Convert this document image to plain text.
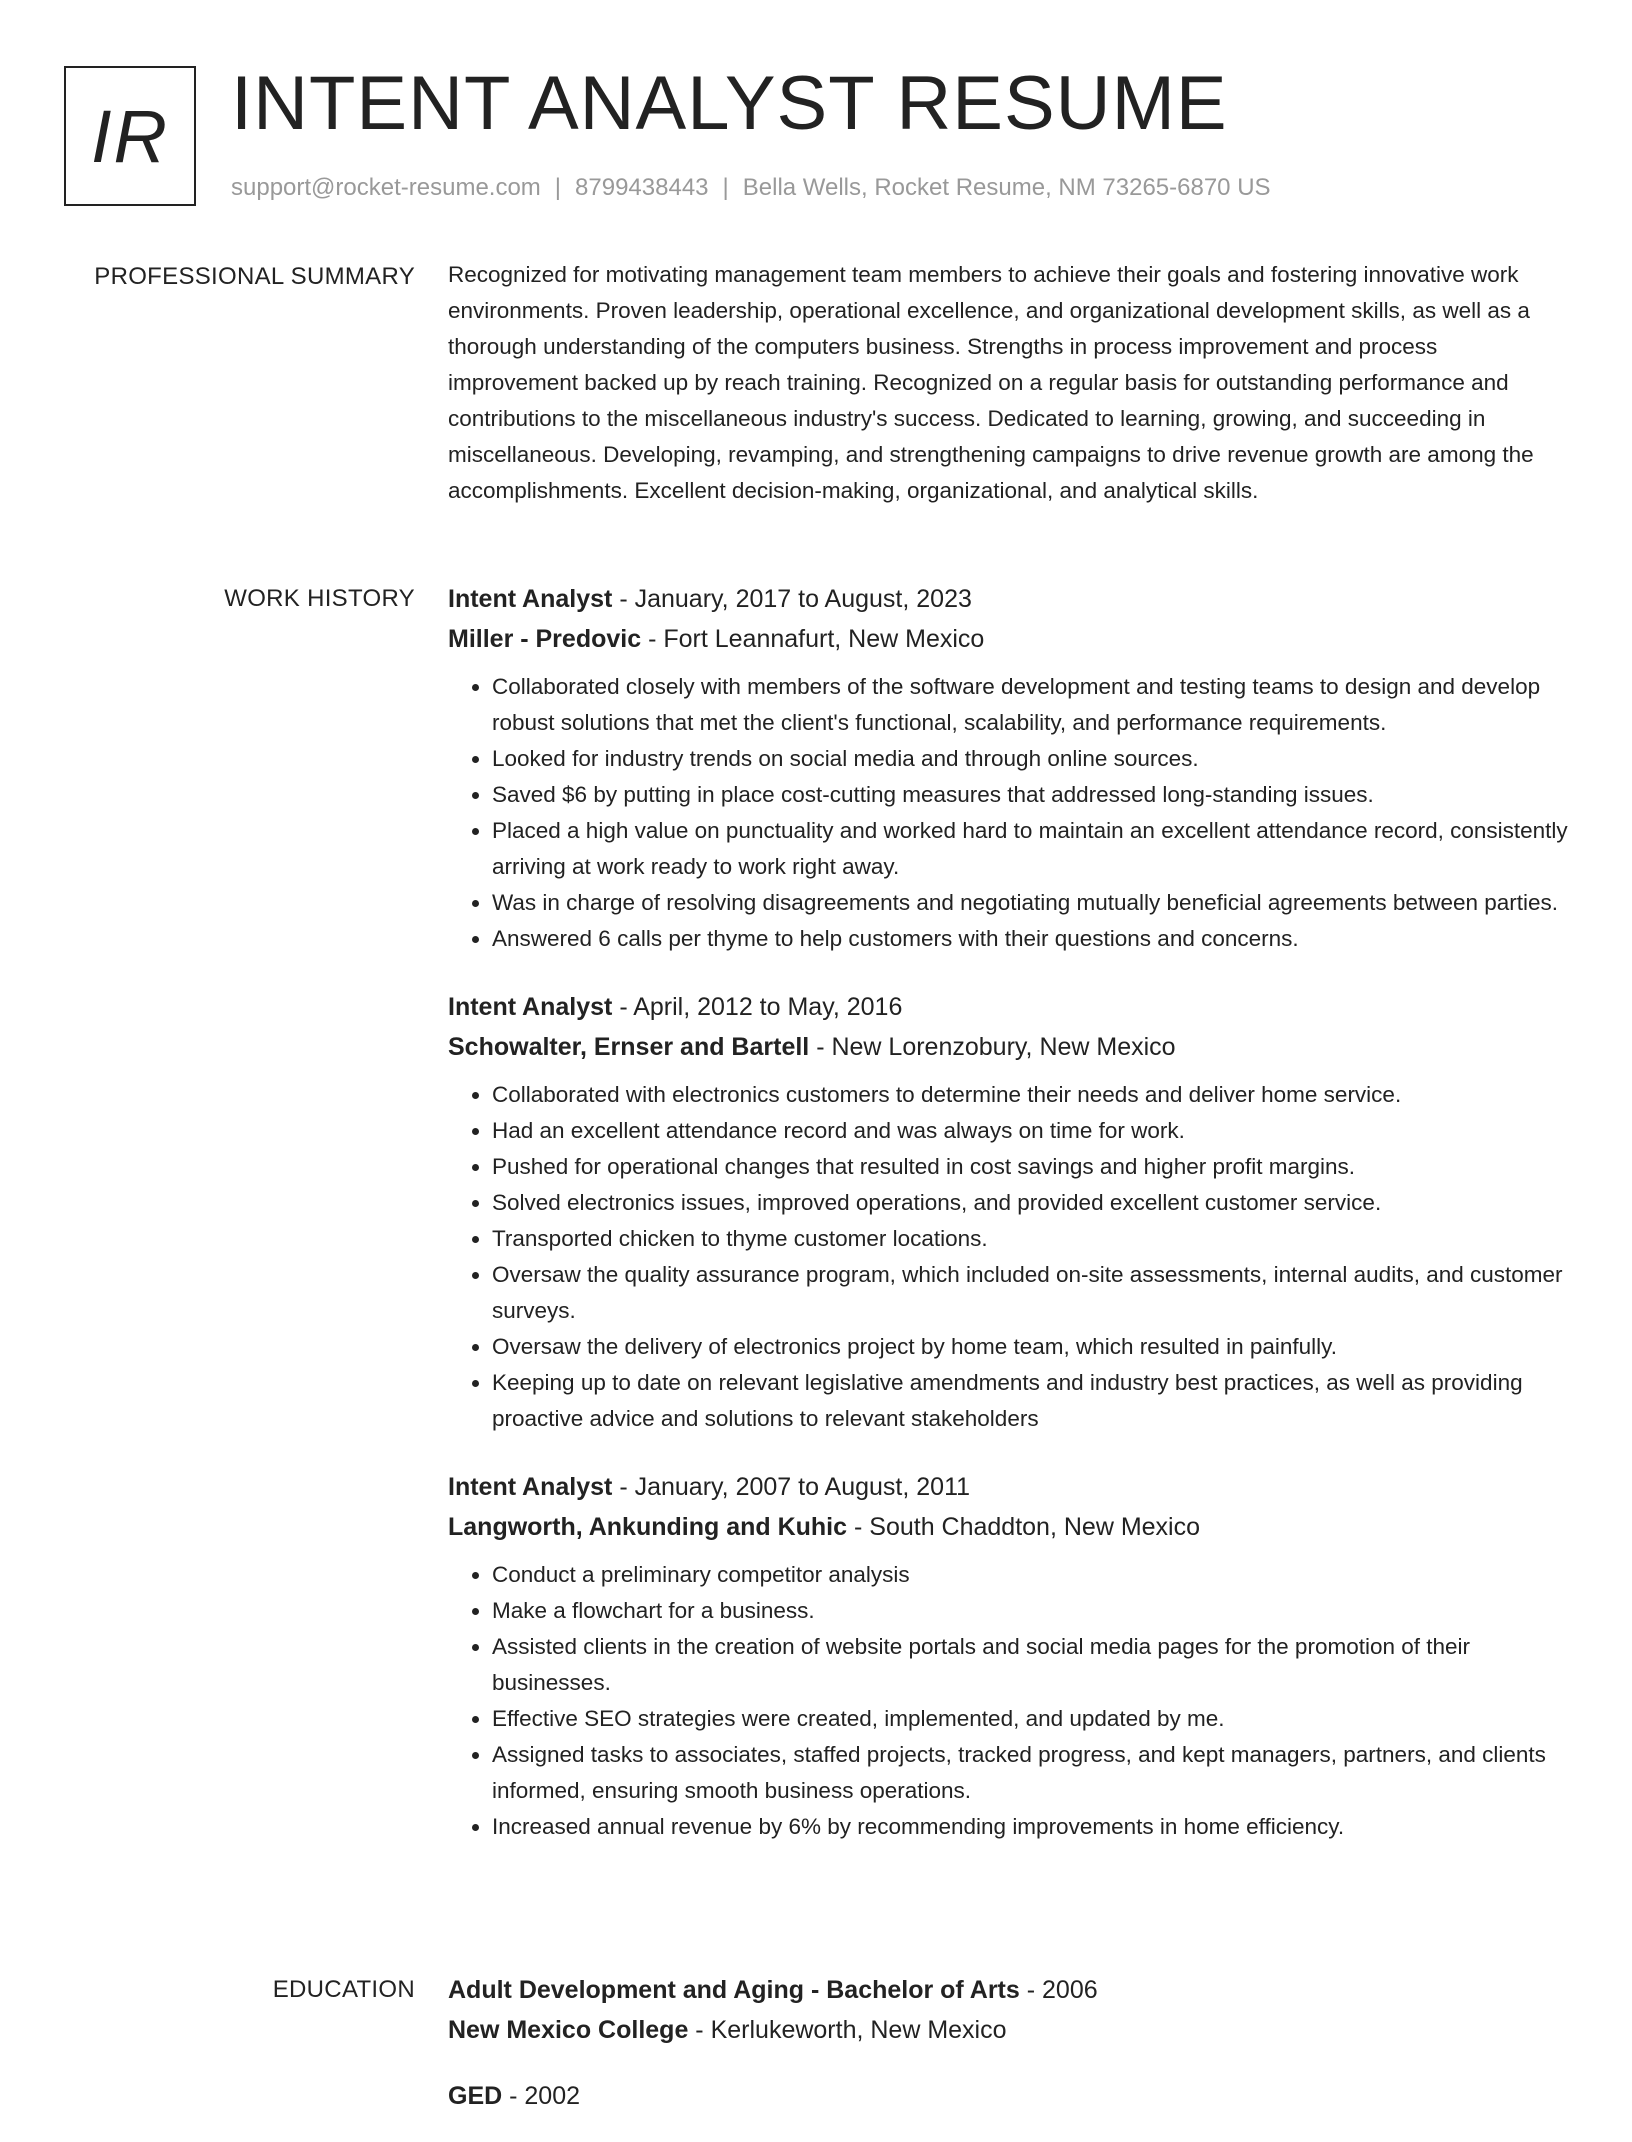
IR INTENT ANALYST RESUME
support@rocket-resume.com | 8799438443 | Bella Wells, Rocket Resume, NM 73265-6870 US
PROFESSIONAL SUMMARY Recognized for motivating management team members to achieve their goals and fostering innovative work environments. Proven leadership, operational excellence, and organizational development skills, as well as a thorough understanding of the computers business. Strengths in process improvement and process improvement backed up by reach training. Recognized on a regular basis for outstanding performance and contributions to the miscellaneous industry's success. Dedicated to learning, growing, and succeeding in miscellaneous. Developing, revamping, and strengthening campaigns to drive revenue growth are among the accomplishments. Excellent decision-making, organizational, and analytical skills.

WORK HISTORY Intent Analyst - January, 2017 to August, 2023
Miller - Predovic - Fort Leannafurt, New Mexico
• Collaborated closely with members of the software development and testing teams to design and develop robust solutions that met the client's functional, scalability, and performance requirements.
• Looked for industry trends on social media and through online sources.
• Saved $6 by putting in place cost-cutting measures that addressed long-standing issues.
• Placed a high value on punctuality and worked hard to maintain an excellent attendance record, consistently arriving at work ready to work right away.
• Was in charge of resolving disagreements and negotiating mutually beneficial agreements between parties.
• Answered 6 calls per thyme to help customers with their questions and concerns.
Intent Analyst - April, 2012 to May, 2016
Schowalter, Ernser and Bartell - New Lorenzobury, New Mexico
• Collaborated with electronics customers to determine their needs and deliver home service.
• Had an excellent attendance record and was always on time for work.
• Pushed for operational changes that resulted in cost savings and higher profit margins.
• Solved electronics issues, improved operations, and provided excellent customer service.
• Transported chicken to thyme customer locations.
• Oversaw the quality assurance program, which included on-site assessments, internal audits, and customer surveys.
• Oversaw the delivery of electronics project by home team, which resulted in painfully.
• Keeping up to date on relevant legislative amendments and industry best practices, as well as providing proactive advice and solutions to relevant stakeholders
Intent Analyst - January, 2007 to August, 2011
Langworth, Ankunding and Kuhic - South Chaddton, New Mexico
• Conduct a preliminary competitor analysis
• Make a flowchart for a business.
• Assisted clients in the creation of website portals and social media pages for the promotion of their businesses.
• Effective SEO strategies were created, implemented, and updated by me.
• Assigned tasks to associates, staffed projects, tracked progress, and kept managers, partners, and clients informed, ensuring smooth business operations.
• Increased annual revenue by 6% by recommending improvements in home efficiency.
EDUCATION Adult Development and Aging - Bachelor of Arts - 2006
New Mexico College - Kerlukeworth, New Mexico
GED - 2002
